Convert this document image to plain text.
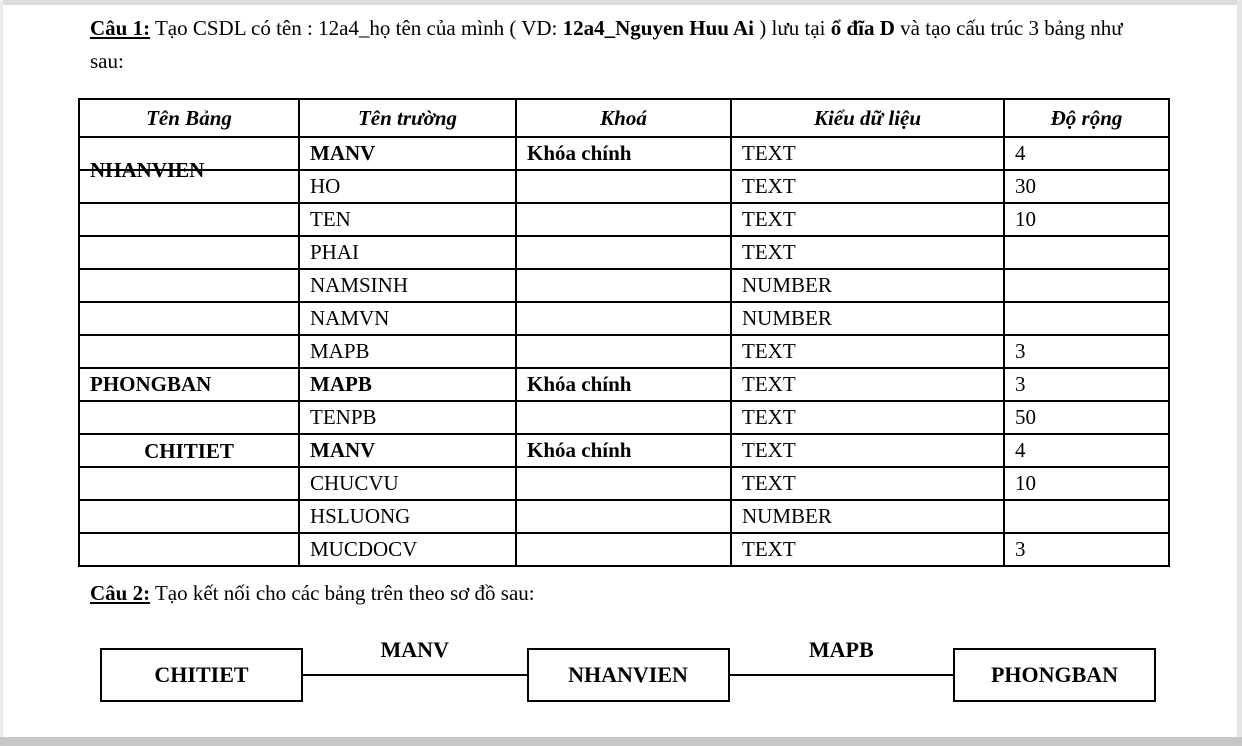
Câu 1: Tạo CSDL có tên : 12a4_họ tên của mình ( VD: 12a4_Nguyen Huu Ai ) lưu tại ổ đĩa D và tạo cấu trúc 3 bảng như sau:

Tên Bảng	Tên trường	Khoá	Kiểu dữ liệu	Độ rộng
NHANVIEN	MANV	Khóa chính	TEXT	4
	HO		TEXT	30
	TEN		TEXT	10
	PHAI		TEXT	
	NAMSINH		NUMBER	
	NAMVN		NUMBER	
	MAPB		TEXT	3
PHONGBAN	MAPB	Khóa chính	TEXT	3
	TENPB		TEXT	50

CHITIET	MANV	Khóa chính	TEXT	4
	CHUCVU		TEXT	10
	HSLUONG		NUMBER	
	MUCDOCV		TEXT	3

Câu 2: Tạo kết nối cho các bảng trên theo sơ đồ sau:

CHITIET
MANV
NHANVIEN
MAPB
PHONGBAN
